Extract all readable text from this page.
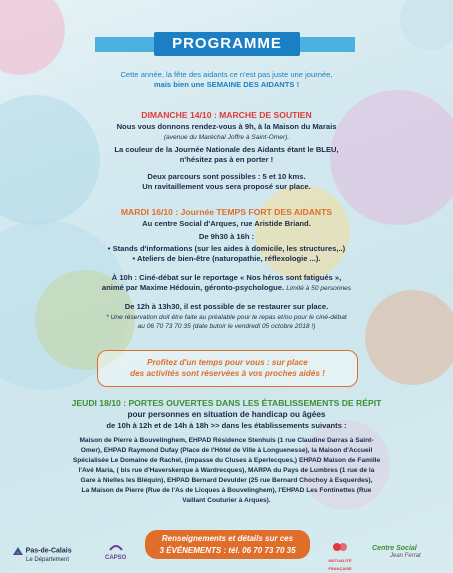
PROGRAMME

Cette année, la fête des aidants ce n'est pas juste une journée,

mais bien une SEMAINE DES AIDANTS !

DIMANCHE 14/10 : MARCHE DE SOUTIEN

Nous vous donnons rendez-vous à 9h, à la Maison du Marais

(avenue du Maréchal Joffre à Saint-Omer).

La couleur de la Journée Nationale des Aidants étant le BLEU,

n'hésitez pas à en porter !

Deux parcours sont possibles : 5 et 10 kms.

Un ravitaillement vous sera proposé sur place.

MARDI 16/10 : Journée TEMPS FORT DES AIDANTS

Au centre Social d'Arques, rue Aristide Briand.

De 9h30 à 16h :

• Stands d'informations (sur les aides à domicile, les structures,..)

• Ateliers de bien-être (naturopathie, réflexologie ...).

À 10h : Ciné-débat sur le reportage « Nos héros sont fatigués »,

animé par Maxime Hédouin, géronto-psychologue. Limité à 50 personnes

De 12h à 13h30, il est possible de se restaurer sur place.

* Une réservation doit être faite au préalable pour le repas et/ou pour le ciné-débat

au 06 70 73 70 35 (date butoir le vendredi 05 octobre 2018 !)

Profitez d'un temps pour vous : sur place

des activités sont réservées à vos proches aidés !

JEUDI 18/10 : PORTES OUVERTES DANS LES ÉTABLISSEMENTS DE RÉPIT

pour personnes en situation de handicap ou âgées

de 10h à 12h et de 14h à 18h >> dans les établissements suivants :

Maison de Pierre à Bouvelinghem, EHPAD Résidence Stenhuis (1 rue Claudine Darras à Saint-

Omer), EHPAD Raymond Dufay (Place de l'Hôtel de Ville à Longuenesse), la Maison d'Accueil

Spécialisée Le Domaine de Rachel, (impasse du Cluses à Eperlecques,) EHPAD Maison de Famille

l'Avé Maria, ( bis rue d'Haverskerque à Wardrecques), MARPA du Pays de Lumbres (1 rue de la

Gare à Nielles les Bléquin), EHPAD Bernard Devulder (25 rue Bernard Chochoy à Esquerdes),

La Maison de Pierre (Rue de l'As de Licques à Bouvelinghem), l'EHPAD Les Fontinettes (Rue

Vaillant Couturier à Arques).

Renseignements et détails sur ces
3 ÉVÉNEMENTS : tél. 06 70 73 70 35
Pas-de-Calais
Le Département	CAPSO	MUTUALITÉ FRANÇAISE
Centre Social
Jean Ferrat
